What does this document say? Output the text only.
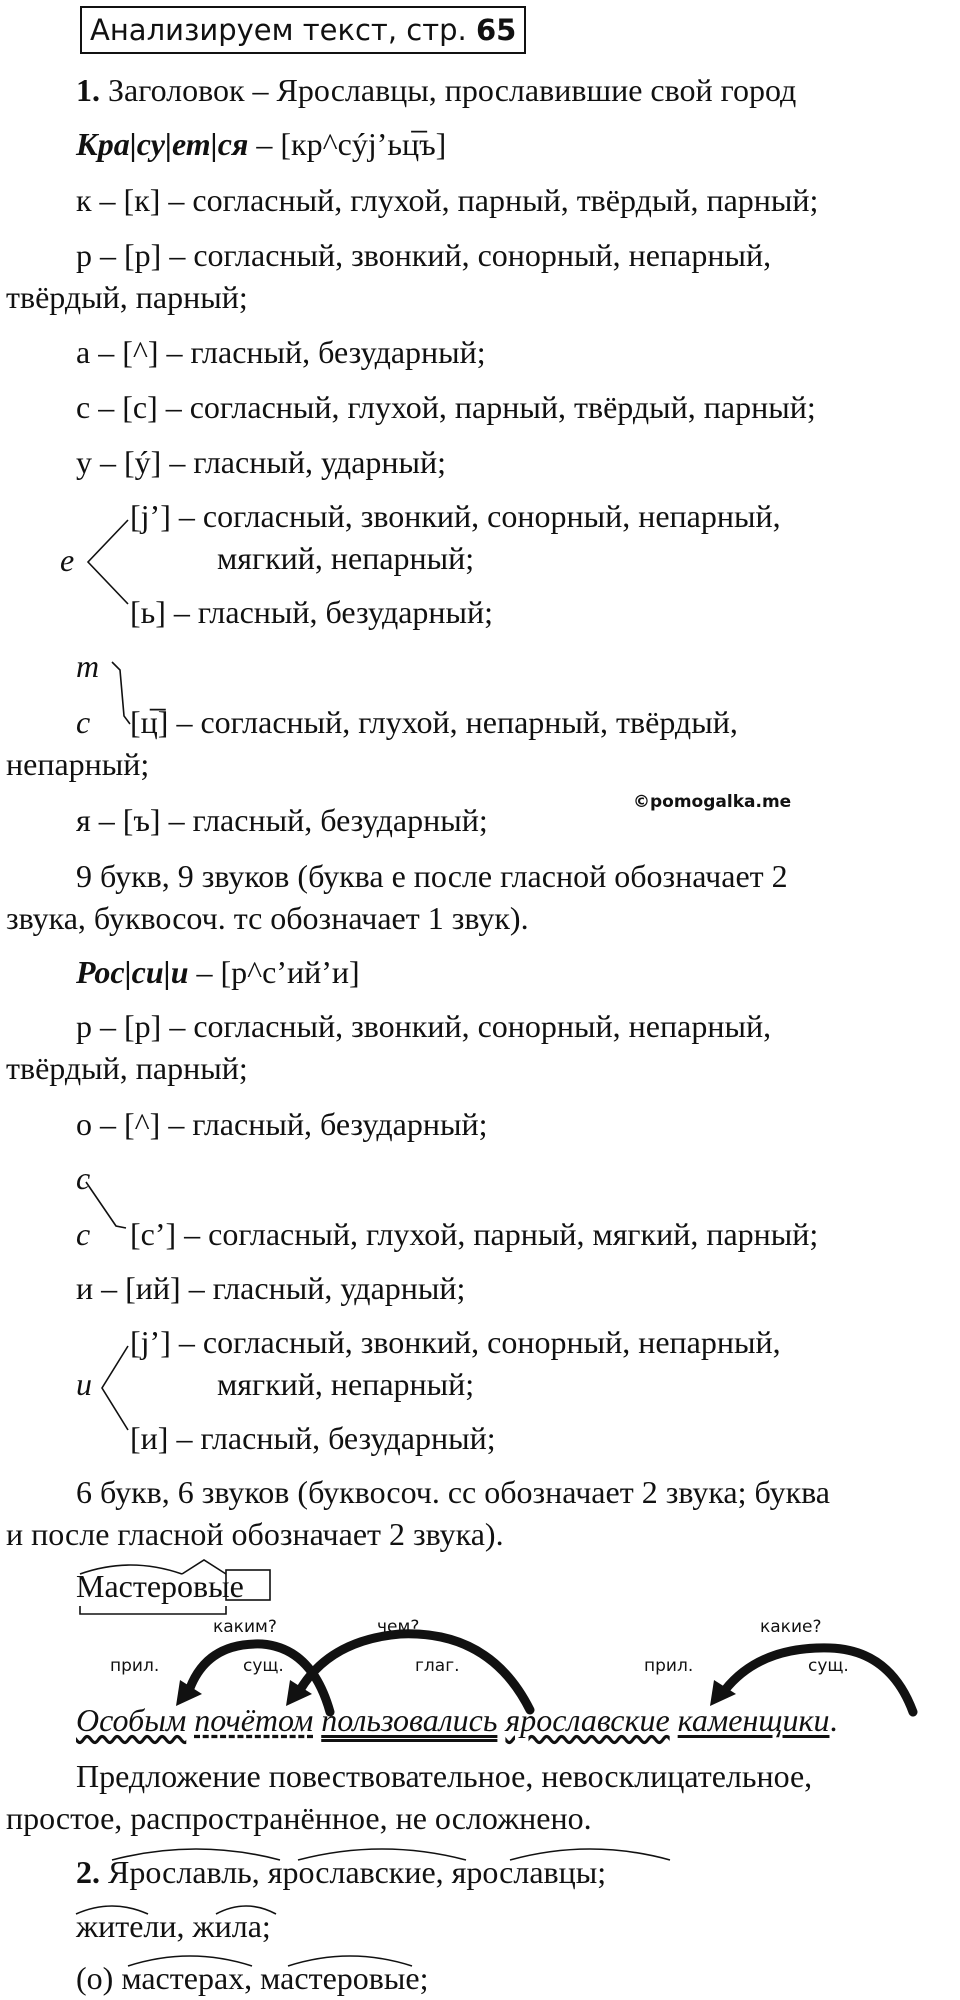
Анализируем текст, стр. 65
1. Заголовок – Ярославцы, прославившие свой город
Кра|су|ет|ся – [кр^сýj’ьц̅ъ]
к – [к] – согласный, глухой, парный, твёрдый, парный;
р – [р] – согласный, звонкий, сонорный, непарный,
твёрдый, парный;
а – [^] – гласный, безударный;
с – [с] – согласный, глухой, парный, твёрдый, парный;
у – [ý] – гласный, ударный;
е
[j’] – согласный, звонкий, сонорный, непарный,
мягкий, непарный;
[ь] – гласный, безударный;
т
с [ц̅] – согласный, глухой, непарный, твёрдый,
непарный;
я – [ъ] – гласный, безударный;	©pomogalka.me
9 букв, 9 звуков (буква е после гласной обозначает 2
звука, буквосоч. тс обозначает 1 звук).
Рос|си|и – [р^с’ий’и]
р – [р] – согласный, звонкий, сонорный, непарный,
твёрдый, парный;
о – [^] – гласный, безударный;
с
с [с’] – согласный, глухой, парный, мягкий, парный;
и – [ий] – гласный, ударный;
и
[j’] – согласный, звонкий, сонорный, непарный,
мягкий, непарный;
[и] – гласный, безударный;
6 букв, 6 звуков (буквосоч. сс обозначает 2 звука; буква
и после гласной обозначает 2 звука).
Мастеровые
каким?	чем?	какие?
прил.	сущ.	глаг.	прил.	сущ.
Особым почётом пользовались ярославские каменщики.
Предложение повествовательное, невосклицательное,
простое, распространённое, не осложнено.
2. Ярославль, ярославские, ярославцы;
жители, жила;
(о) мастерах, мастеровые;
